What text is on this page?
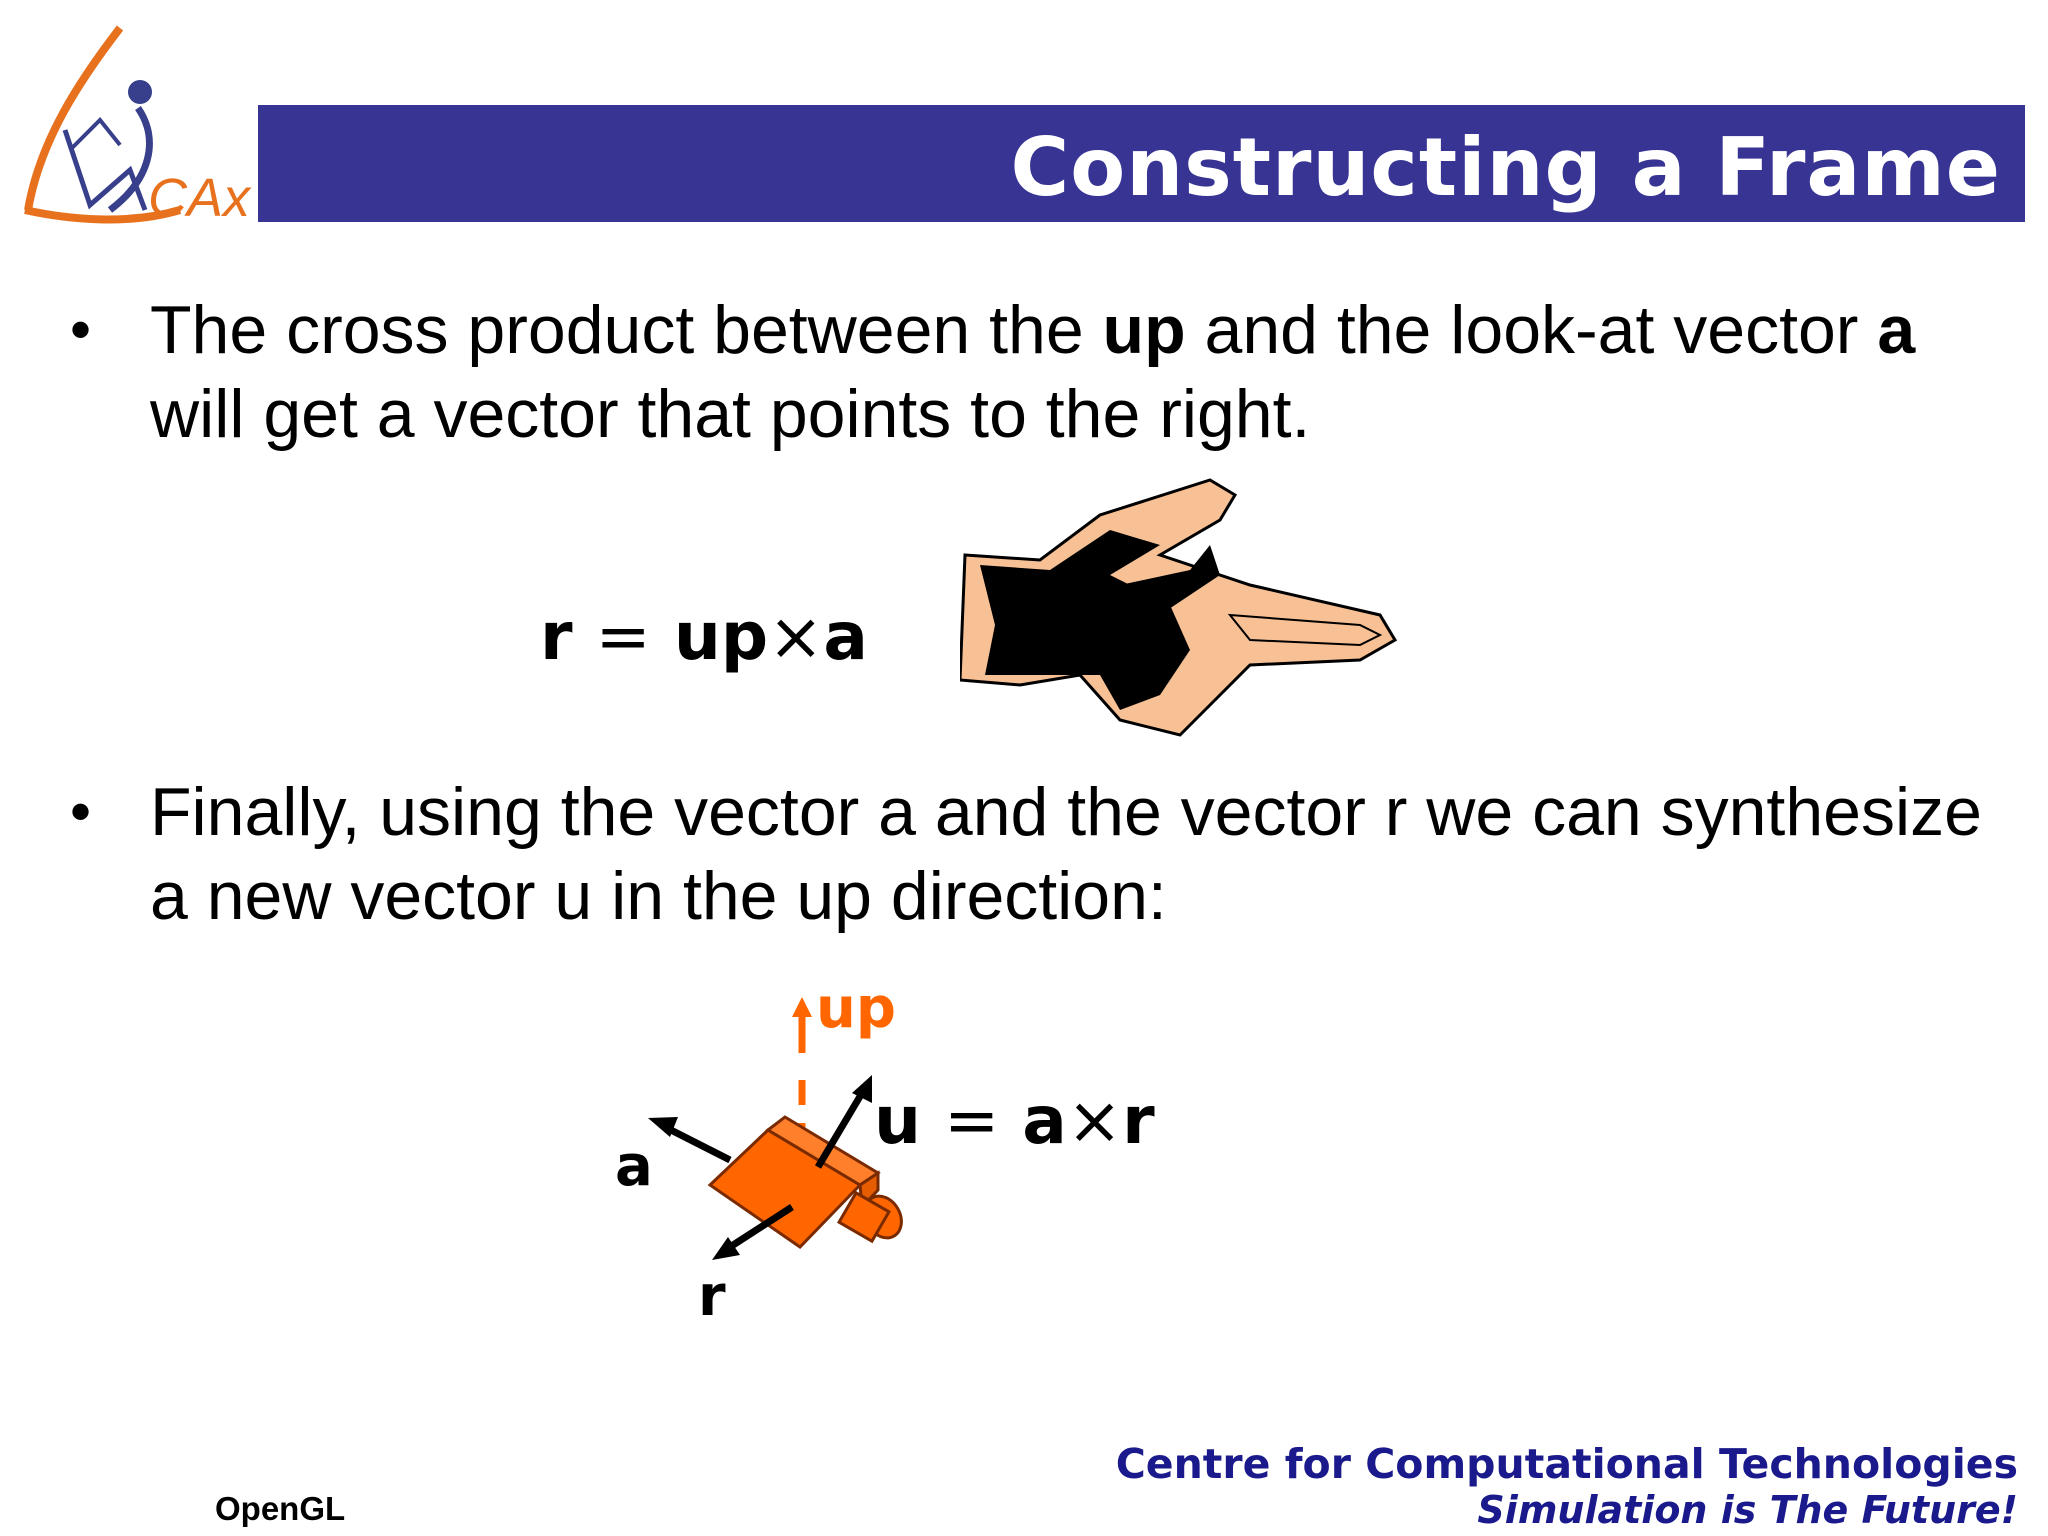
CAx	Constructing a Frame
• The cross product between the up and the look-at vector a
will get a vector that points to the right.
r = up×a
• Finally, using the vector a and the vector r we can synthesize a new vector u in the up direction:
up
a
r
u = a×r
OpenGL
Centre for Computational Technologies
Simulation is The Future!
